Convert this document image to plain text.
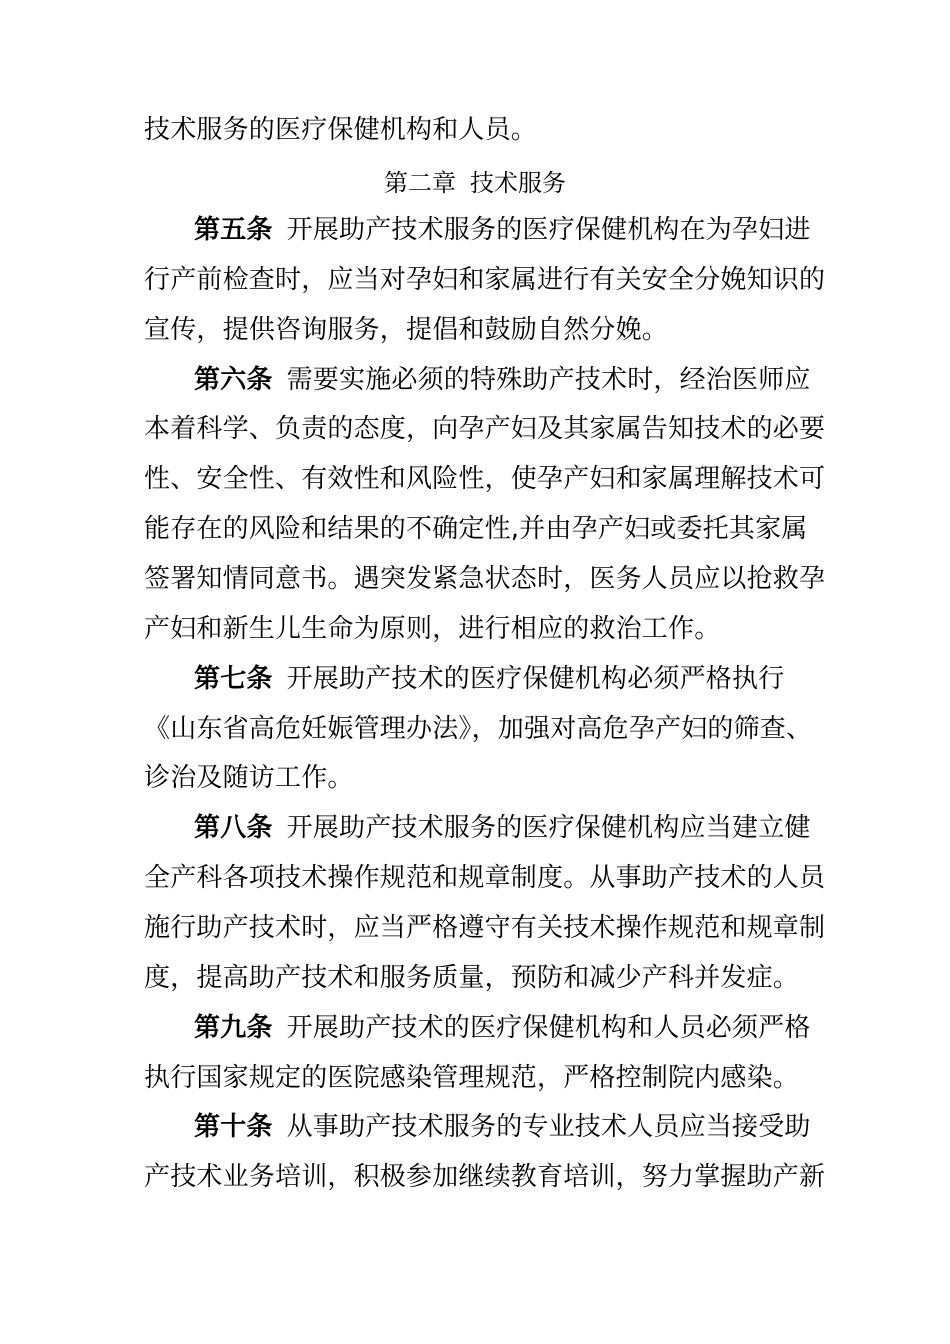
技术服务的医疗保健机构和人员。
第二章 技术服务
第五条 开展助产技术服务的医疗保健机构在为孕妇进
行产前检查时，应当对孕妇和家属进行有关安全分娩知识的
宣传，提供咨询服务，提倡和鼓励自然分娩。
第六条 需要实施必须的特殊助产技术时，经治医师应
本着科学、负责的态度，向孕产妇及其家属告知技术的必要
性、安全性、有效性和风险性，使孕产妇和家属理解技术可
能存在的风险和结果的不确定性,并由孕产妇或委托其家属
签署知情同意书。遇突发紧急状态时，医务人员应以抢救孕
产妇和新生儿生命为原则，进行相应的救治工作。
第七条 开展助产技术的医疗保健机构必须严格执行
《山东省高危妊娠管理办法》，加强对高危孕产妇的筛查、
诊治及随访工作。
第八条 开展助产技术服务的医疗保健机构应当建立健
全产科各项技术操作规范和规章制度。从事助产技术的人员
施行助产技术时，应当严格遵守有关技术操作规范和规章制
度，提高助产技术和服务质量，预防和减少产科并发症。
第九条 开展助产技术的医疗保健机构和人员必须严格
执行国家规定的医院感染管理规范，严格控制院内感染。
第十条 从事助产技术服务的专业技术人员应当接受助
产技术业务培训，积极参加继续教育培训，努力掌握助产新
